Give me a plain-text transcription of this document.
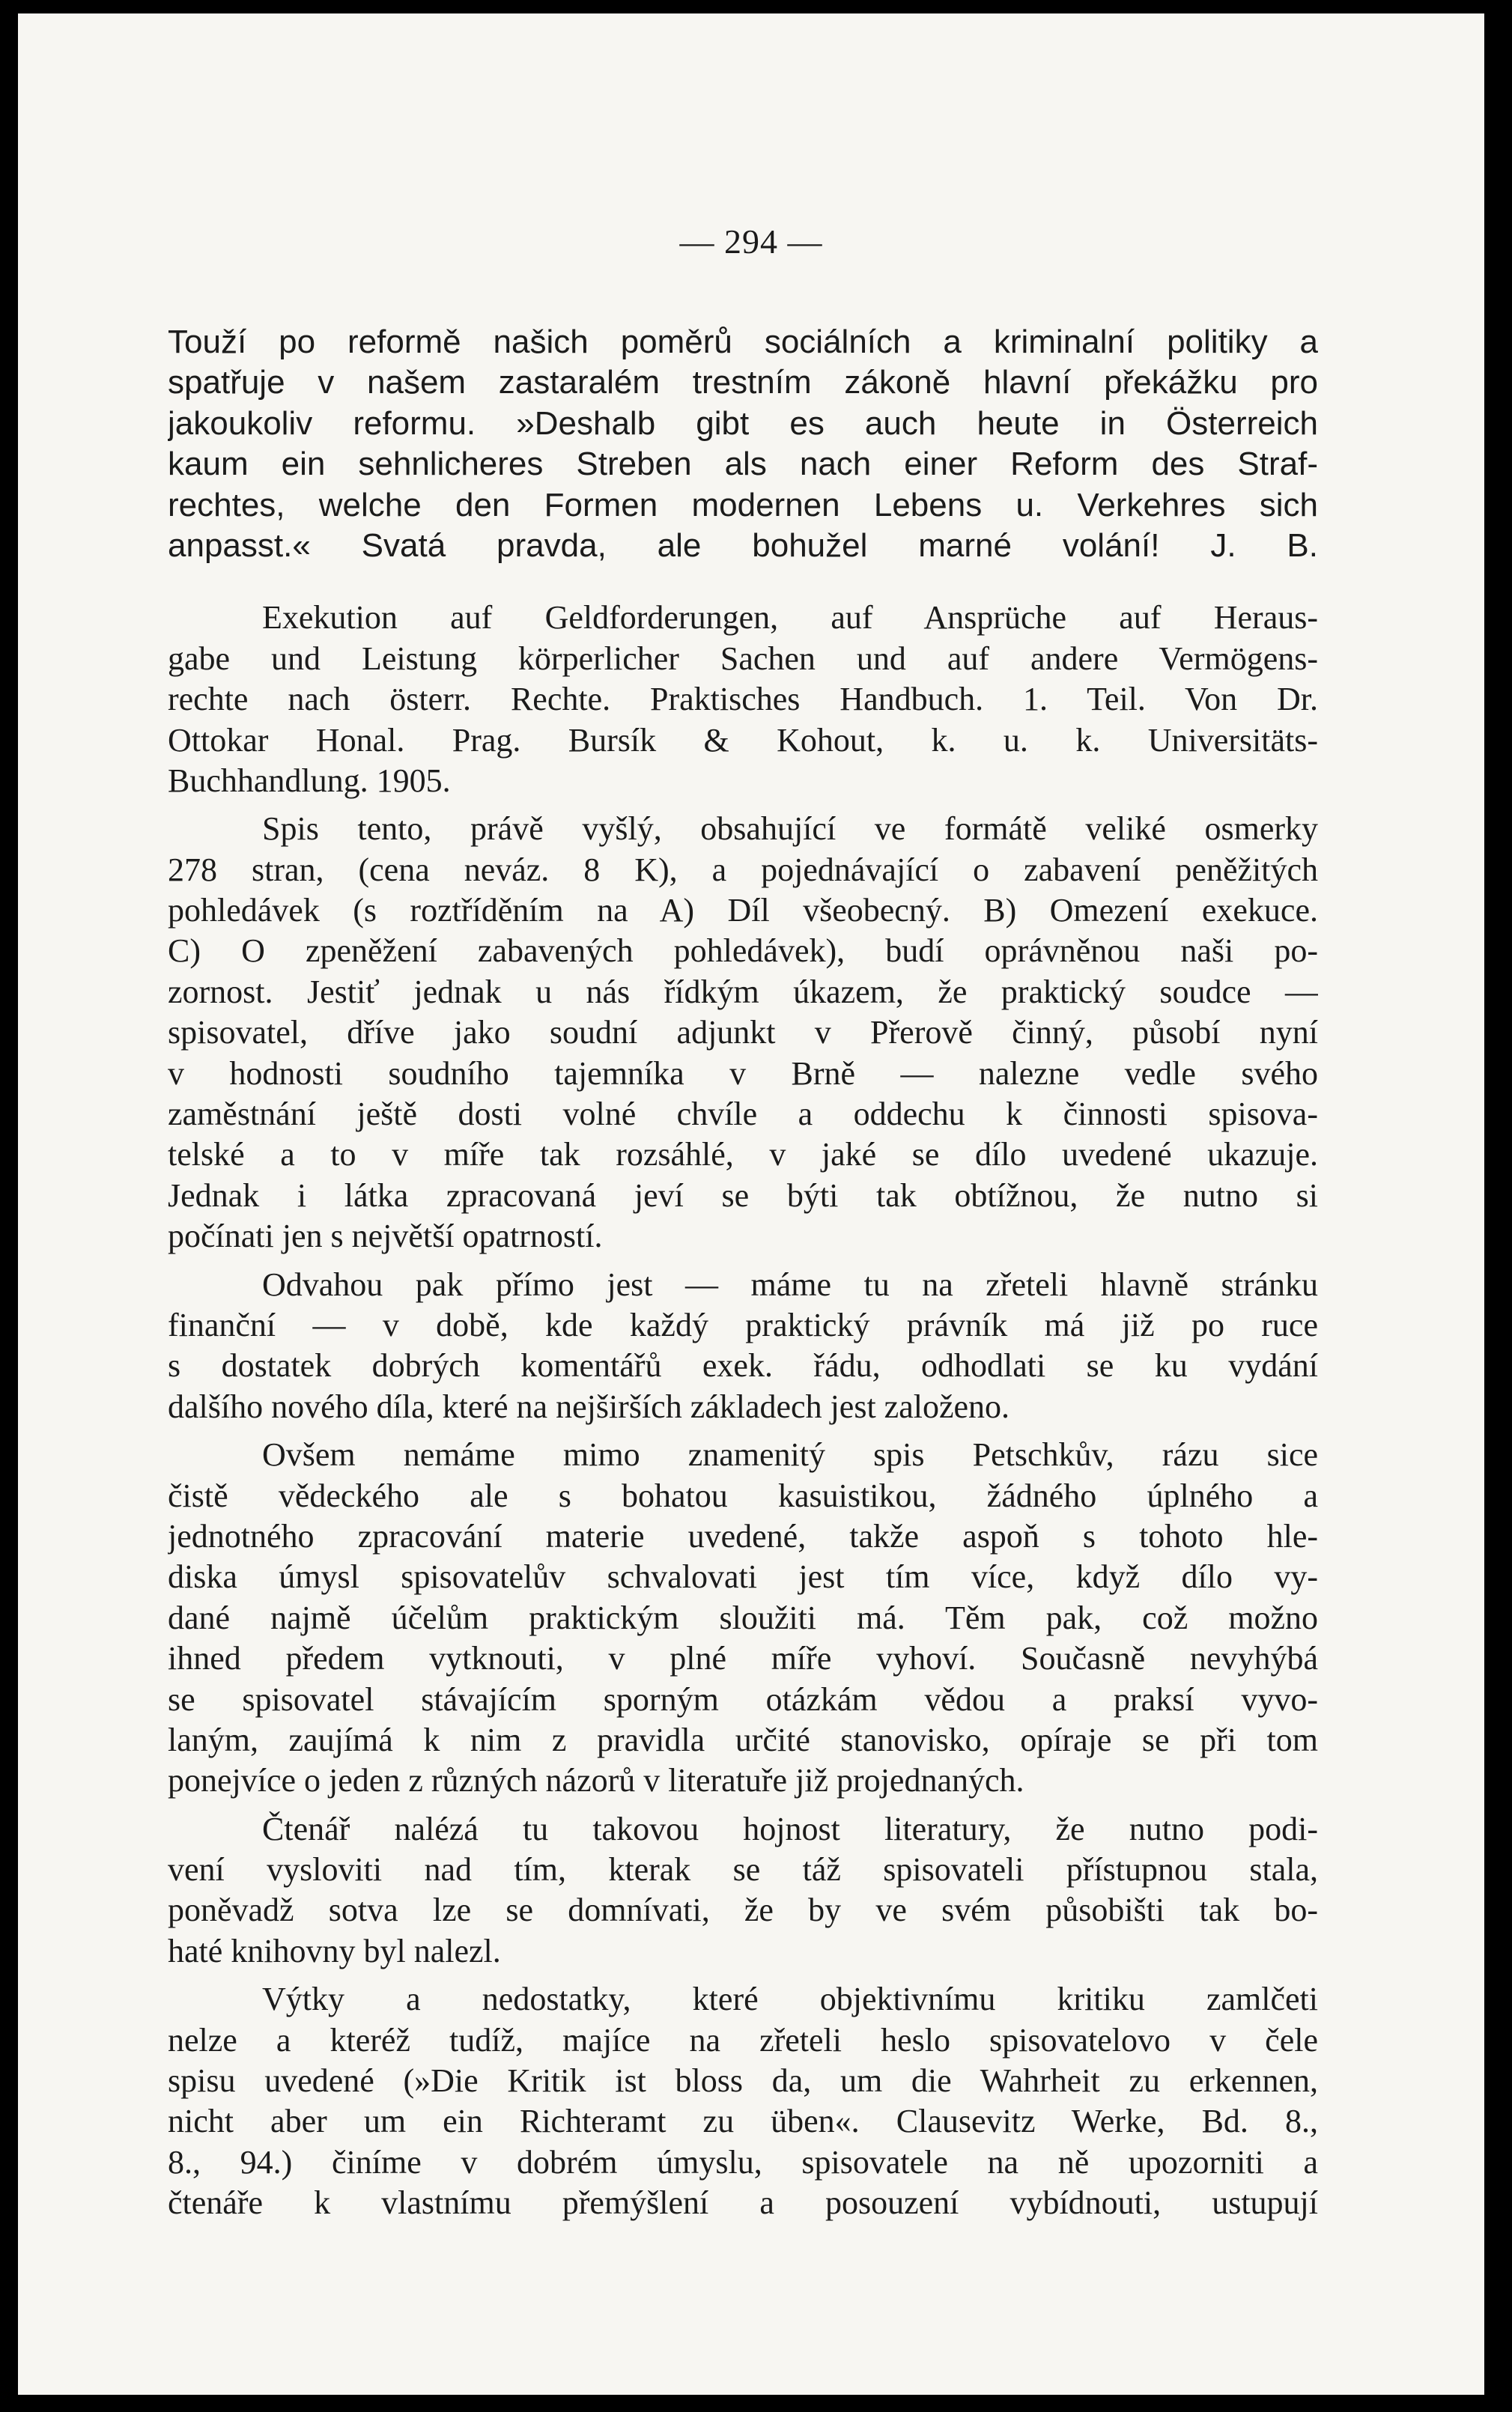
— 294 —
Touží po reformě našich poměrů sociálních a kriminalní politiky a
spatřuje v našem zastaralém trestním zákoně hlavní překážku pro
jakoukoliv reformu. »Deshalb gibt es auch heute in Österreich
kaum ein sehnlicheres Streben als nach einer Reform des Straf-
rechtes, welche den Formen modernen Lebens u. Verkehres sich
anpasst.« Svatá pravda, ale bohužel marné volání! J. B.
Exekution auf Geldforderungen, auf Ansprüche auf Heraus-
gabe und Leistung körperlicher Sachen und auf andere Vermögens-
rechte nach österr. Rechte. Praktisches Handbuch. 1. Teil. Von Dr.
Ottokar Honal. Prag. Bursík & Kohout, k. u. k. Universitäts-
Buchhandlung. 1905.
Spis tento, právě vyšlý, obsahující ve formátě veliké osmerky
278 stran, (cena neváz. 8 K), a pojednávající o zabavení peněžitých
pohledávek (s roztříděním na A) Díl všeobecný. B) Omezení exekuce.
C) O zpeněžení zabavených pohledávek), budí oprávněnou naši po-
zornost. Jestiť jednak u nás řídkým úkazem, že praktický soudce —
spisovatel, dříve jako soudní adjunkt v Přerově činný, působí nyní
v hodnosti soudního tajemníka v Brně — nalezne vedle svého
zaměstnání ještě dosti volné chvíle a oddechu k činnosti spisova-
telské a to v míře tak rozsáhlé, v jaké se dílo uvedené ukazuje.
Jednak i látka zpracovaná jeví se býti tak obtížnou, že nutno si
počínati jen s největší opatrností.
Odvahou pak přímo jest — máme tu na zřeteli hlavně stránku
finanční — v době, kde každý praktický právník má již po ruce
s dostatek dobrých komentářů exek. řádu, odhodlati se ku vydání
dalšího nového díla, které na nejširších základech jest založeno.
Ovšem nemáme mimo znamenitý spis Petschkův, rázu sice
čistě vědeckého ale s bohatou kasuistikou, žádného úplného a
jednotného zpracování materie uvedené, takže aspoň s tohoto hle-
diska úmysl spisovatelův schvalovati jest tím více, když dílo vy-
dané najmě účelům praktickým sloužiti má. Těm pak, což možno
ihned předem vytknouti, v plné míře vyhoví. Současně nevyhýbá
se spisovatel stávajícím sporným otázkám vědou a praksí vyvo-
laným, zaujímá k nim z pravidla určité stanovisko, opíraje se při tom
ponejvíce o jeden z různých názorů v literatuře již projednaných.
Čtenář nalézá tu takovou hojnost literatury, že nutno podi-
vení vysloviti nad tím, kterak se táž spisovateli přístupnou stala,
poněvadž sotva lze se domnívati, že by ve svém působišti tak bo-
haté knihovny byl nalezl.
Výtky a nedostatky, které objektivnímu kritiku zamlčeti
nelze a kteréž tudíž, majíce na zřeteli heslo spisovatelovo v čele
spisu uvedené (»Die Kritik ist bloss da, um die Wahrheit zu erkennen,
nicht aber um ein Richteramt zu üben«. Clausevitz Werke, Bd. 8.,
8., 94.) činíme v dobrém úmyslu, spisovatele na ně upozorniti a
čtenáře k vlastnímu přemýšlení a posouzení vybídnouti, ustupují
